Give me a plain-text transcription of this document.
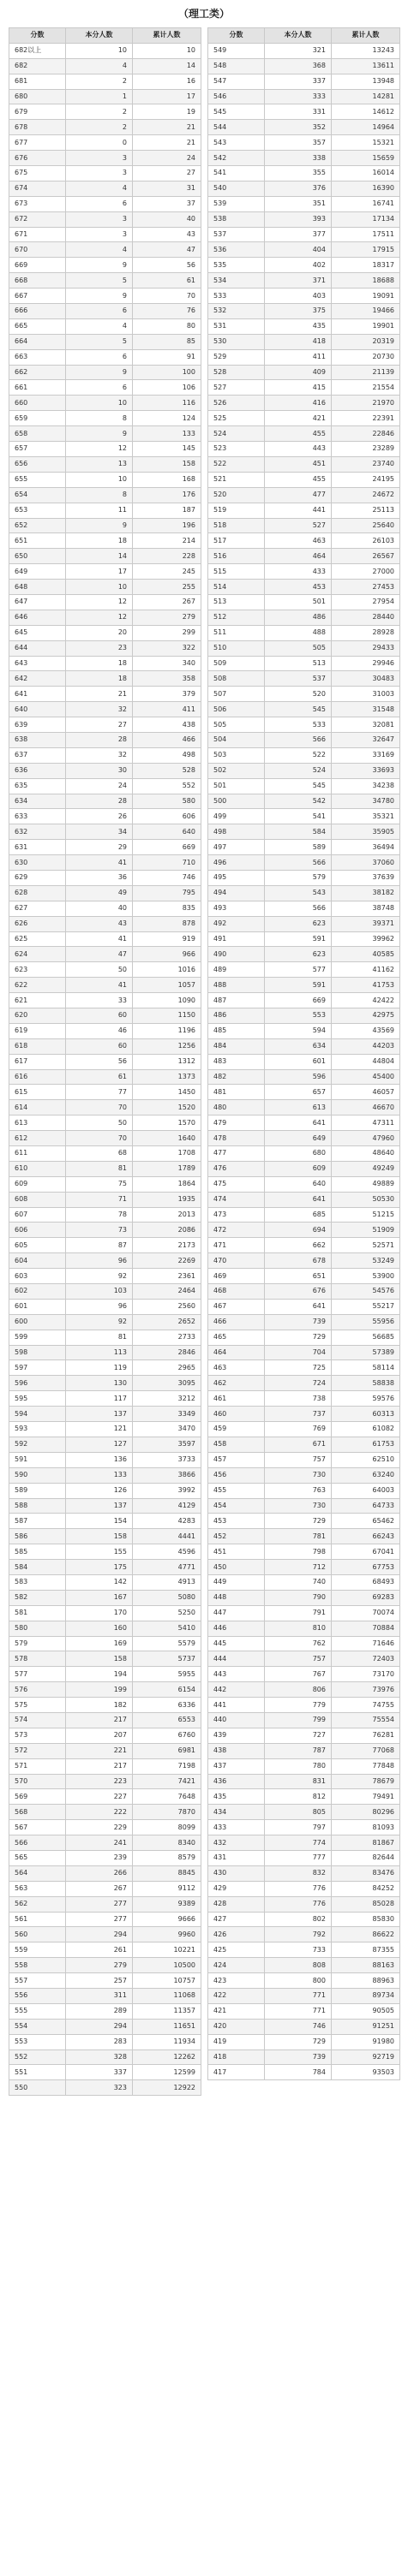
（理工类）
分数	本分人数	累计人数
682以上	10	10
682	4	14
681	2	16
680	1	17
679	2	19
678	2	21
677	0	21
676	3	24
675	3	27
674	4	31
673	6	37
672	3	40
671	3	43
670	4	47
669	9	56
668	5	61
667	9	70
666	6	76
665	4	80
664	5	85
663	6	91
662	9	100
661	6	106
660	10	116
659	8	124
658	9	133
657	12	145
656	13	158
655	10	168
654	8	176
653	11	187
652	9	196
651	18	214
650	14	228
649	17	245
648	10	255
647	12	267
646	12	279
645	20	299
644	23	322
643	18	340
642	18	358
641	21	379
640	32	411
639	27	438
638	28	466
637	32	498
636	30	528
635	24	552
634	28	580
633	26	606
632	34	640
631	29	669
630	41	710
629	36	746
628	49	795
627	40	835
626	43	878
625	41	919
624	47	966
623	50	1016
622	41	1057
621	33	1090
620	60	1150
619	46	1196
618	60	1256
617	56	1312
616	61	1373
615	77	1450
614	70	1520
613	50	1570
612	70	1640
611	68	1708
610	81	1789
609	75	1864
608	71	1935
607	78	2013
606	73	2086
605	87	2173
604	96	2269
603	92	2361
602	103	2464
601	96	2560
600	92	2652
599	81	2733
598	113	2846
597	119	2965
596	130	3095
595	117	3212
594	137	3349
593	121	3470
592	127	3597
591	136	3733
590	133	3866
589	126	3992
588	137	4129
587	154	4283
586	158	4441
585	155	4596
584	175	4771
583	142	4913
582	167	5080
581	170	5250
580	160	5410
579	169	5579
578	158	5737
577	194	5955
576	199	6154
575	182	6336
574	217	6553
573	207	6760
572	221	6981
571	217	7198
570	223	7421
569	227	7648
568	222	7870
567	229	8099
566	241	8340
565	239	8579
564	266	8845
563	267	9112
562	277	9389
561	277	9666
560	294	9960
559	261	10221
558	279	10500
557	257	10757
556	311	11068
555	289	11357
554	294	11651
553	283	11934
552	328	12262
551	337	12599
550	323	12922
分数	本分人数	累计人数
549	321	13243
548	368	13611
547	337	13948
546	333	14281
545	331	14612
544	352	14964
543	357	15321
542	338	15659
541	355	16014
540	376	16390
539	351	16741
538	393	17134
537	377	17511
536	404	17915
535	402	18317
534	371	18688
533	403	19091
532	375	19466
531	435	19901
530	418	20319
529	411	20730
528	409	21139
527	415	21554
526	416	21970
525	421	22391
524	455	22846
523	443	23289
522	451	23740
521	455	24195
520	477	24672
519	441	25113
518	527	25640
517	463	26103
516	464	26567
515	433	27000
514	453	27453
513	501	27954
512	486	28440
511	488	28928
510	505	29433
509	513	29946
508	537	30483
507	520	31003
506	545	31548
505	533	32081
504	566	32647
503	522	33169
502	524	33693
501	545	34238
500	542	34780
499	541	35321
498	584	35905
497	589	36494
496	566	37060
495	579	37639
494	543	38182
493	566	38748
492	623	39371
491	591	39962
490	623	40585
489	577	41162
488	591	41753
487	669	42422
486	553	42975
485	594	43569
484	634	44203
483	601	44804
482	596	45400
481	657	46057
480	613	46670
479	641	47311
478	649	47960
477	680	48640
476	609	49249
475	640	49889
474	641	50530
473	685	51215
472	694	51909
471	662	52571
470	678	53249
469	651	53900
468	676	54576
467	641	55217
466	739	55956
465	729	56685
464	704	57389
463	725	58114
462	724	58838
461	738	59576
460	737	60313
459	769	61082
458	671	61753
457	757	62510
456	730	63240
455	763	64003
454	730	64733
453	729	65462
452	781	66243
451	798	67041
450	712	67753
449	740	68493
448	790	69283
447	791	70074
446	810	70884
445	762	71646
444	757	72403
443	767	73170
442	806	73976
441	779	74755
440	799	75554
439	727	76281
438	787	77068
437	780	77848
436	831	78679
435	812	79491
434	805	80296
433	797	81093
432	774	81867
431	777	82644
430	832	83476
429	776	84252
428	776	85028
427	802	85830
426	792	86622
425	733	87355
424	808	88163
423	800	88963
422	771	89734
421	771	90505
420	746	91251
419	729	91980
418	739	92719
417	784	93503
